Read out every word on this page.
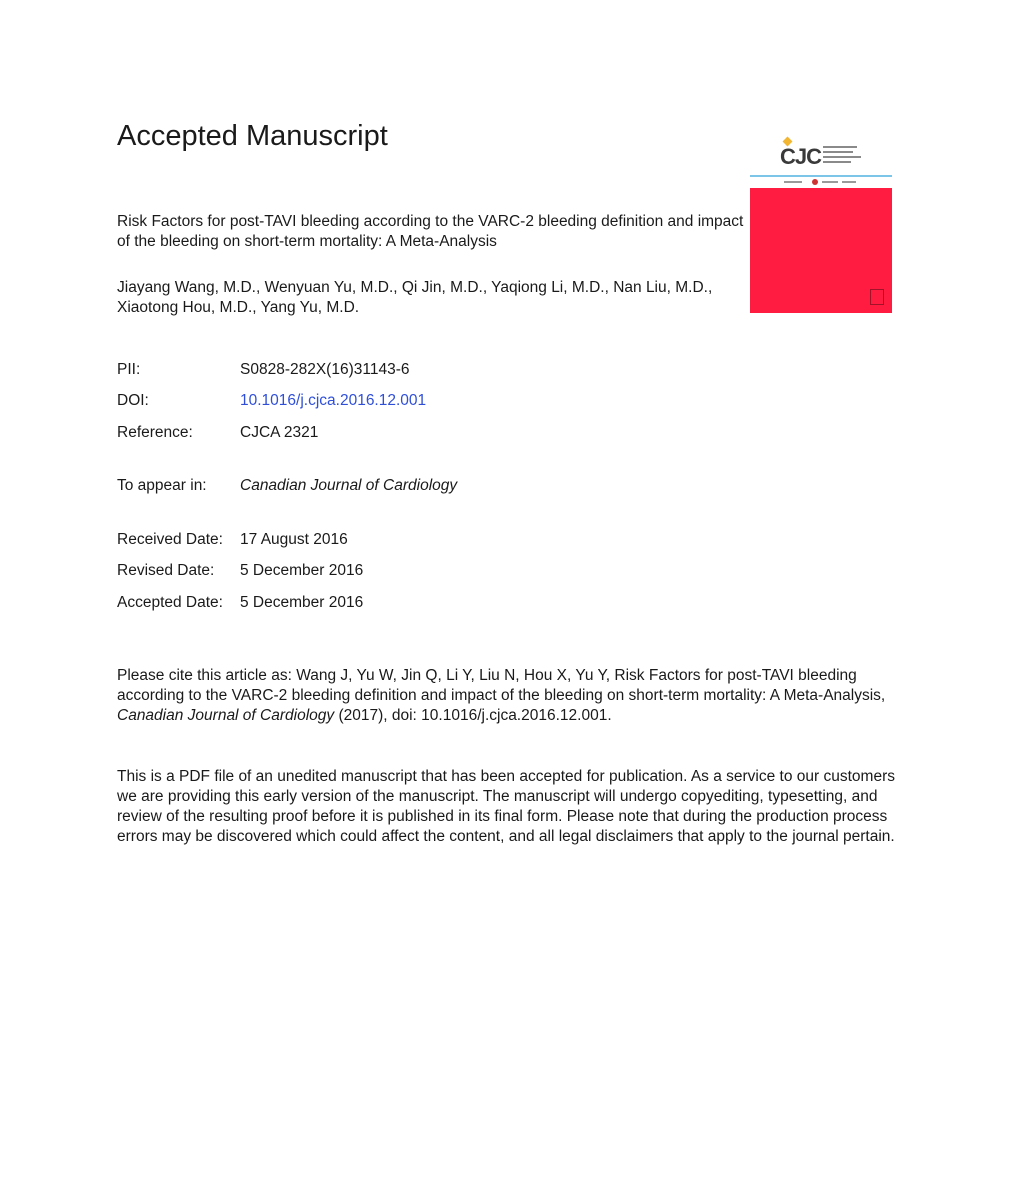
Accepted Manuscript
CJC
Risk Factors for post-TAVI bleeding according to the VARC-2 bleeding definition and impact of the bleeding on short-term mortality: A Meta-Analysis
Jiayang Wang, M.D., Wenyuan Yu, M.D., Qi Jin, M.D., Yaqiong Li, M.D., Nan Liu, M.D., Xiaotong Hou, M.D., Yang Yu, M.D.
PII:	S0828-282X(16)31143-6
DOI:	10.1016/j.cjca.2016.12.001
Reference:	CJCA 2321
To appear in: Canadian Journal of Cardiology
Received Date: 17 August 2016
Revised Date: 5 December 2016
Accepted Date: 5 December 2016
Please cite this article as: Wang J, Yu W, Jin Q, Li Y, Liu N, Hou X, Yu Y, Risk Factors for post-TAVI bleeding according to the VARC-2 bleeding definition and impact of the bleeding on short-term mortality: A Meta-Analysis, Canadian Journal of Cardiology (2017), doi: 10.1016/j.cjca.2016.12.001.
This is a PDF file of an unedited manuscript that has been accepted for publication. As a service to our customers we are providing this early version of the manuscript. The manuscript will undergo copyediting, typesetting, and review of the resulting proof before it is published in its final form. Please note that during the production process errors may be discovered which could affect the content, and all legal disclaimers that apply to the journal pertain.
